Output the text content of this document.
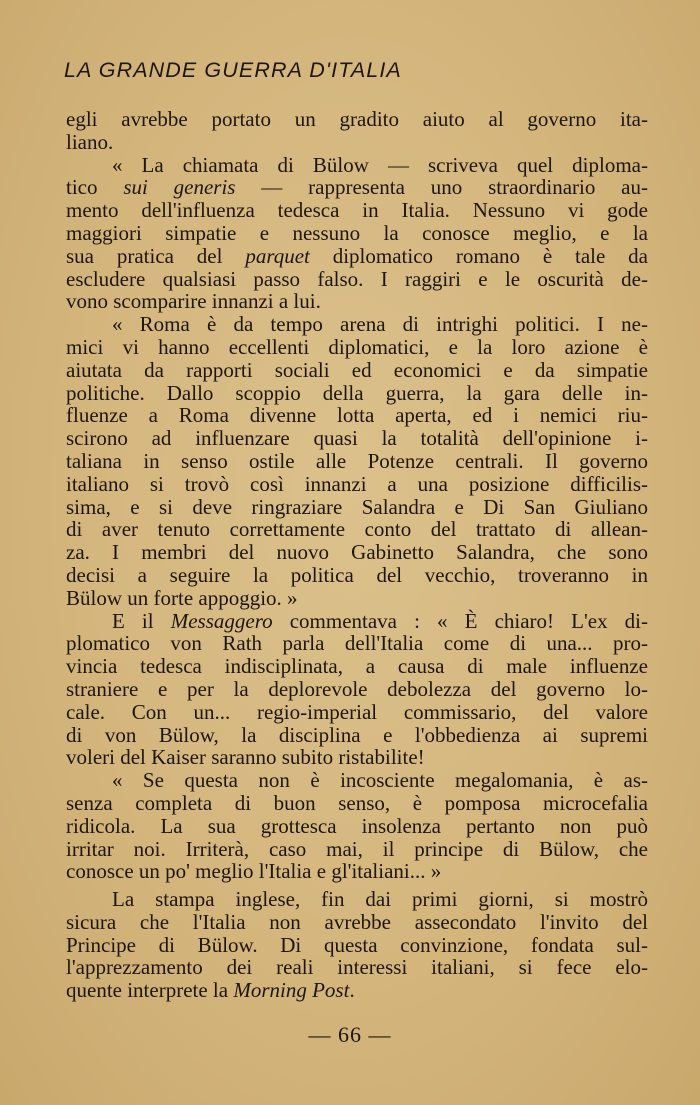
LA GRANDE GUERRA D'ITALIA
egli avrebbe portato un gradito aiuto al governo ita-
liano.
« La chiamata di Bülow — scriveva quel diploma-
tico sui generis — rappresenta uno straordinario au-
mento dell'influenza tedesca in Italia. Nessuno vi gode
maggiori simpatie e nessuno la conosce meglio, e la
sua pratica del parquet diplomatico romano è tale da
escludere qualsiasi passo falso. I raggiri e le oscurità de-
vono scomparire innanzi a lui.
« Roma è da tempo arena di intrighi politici. I ne-
mici vi hanno eccellenti diplomatici, e la loro azione è
aiutata da rapporti sociali ed economici e da simpatie
politiche. Dallo scoppio della guerra, la gara delle in-
fluenze a Roma divenne lotta aperta, ed i nemici riu-
scirono ad influenzare quasi la totalità dell'opinione i-
taliana in senso ostile alle Potenze centrali. Il governo
italiano si trovò così innanzi a una posizione difficilis-
sima, e si deve ringraziare Salandra e Di San Giuliano
di aver tenuto correttamente conto del trattato di allean-
za. I membri del nuovo Gabinetto Salandra, che sono
decisi a seguire la politica del vecchio, troveranno in
Bülow un forte appoggio. »
E il Messaggero commentava : « È chiaro! L'ex di-
plomatico von Rath parla dell'Italia come di una... pro-
vincia tedesca indisciplinata, a causa di male influenze
straniere e per la deplorevole debolezza del governo lo-
cale. Con un... regio-imperial commissario, del valore
di von Bülow, la disciplina e l'obbedienza ai supremi
voleri del Kaiser saranno subito ristabilite!
« Se questa non è incosciente megalomania, è as-
senza completa di buon senso, è pomposa microcefalia
ridicola. La sua grottesca insolenza pertanto non può
irritar noi. Irriterà, caso mai, il principe di Bülow, che
conosce un po' meglio l'Italia e gl'italiani... »
La stampa inglese, fin dai primi giorni, si mostrò
sicura che l'Italia non avrebbe assecondato l'invito del
Principe di Bülow. Di questa convinzione, fondata sul-
l'apprezzamento dei reali interessi italiani, si fece elo-
quente interprete la Morning Post.
— 66 —
